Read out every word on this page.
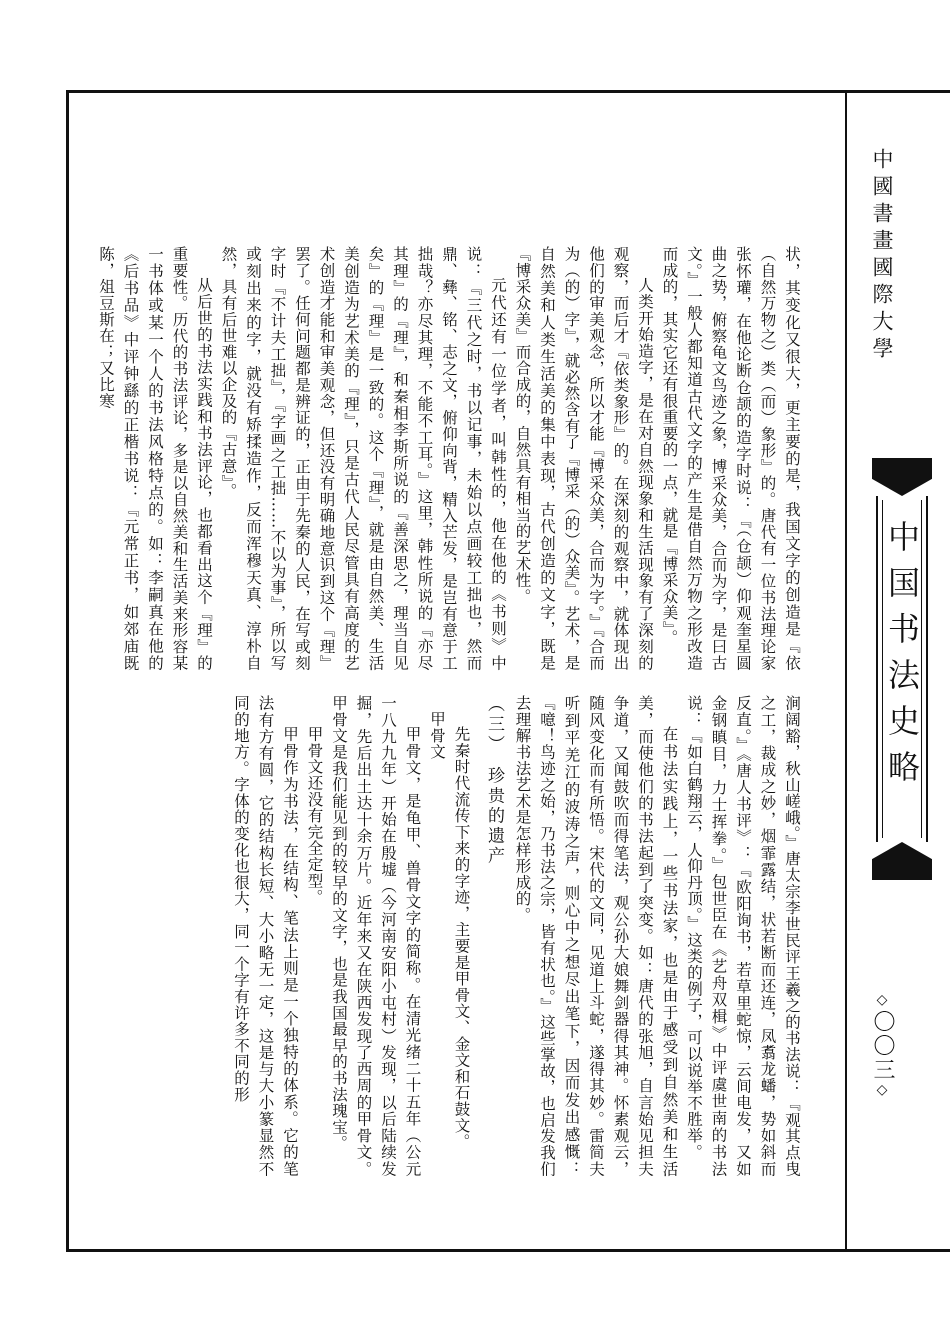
中國書畫國際大學
中国书法史略
◇〇〇三◇

状，其变化又很大，更主要的是，我国文字的创造是『依（自然万物之）类（而）象形』的。唐代有一位书法理论家张怀瓘，在他论断仓颉的造字时说：『（仓颉）仰观奎星圆曲之势，俯察龟文鸟迹之象，博采众美，合而为字，是曰古文。』一般人都知道古代文字的产生是借自然万物之形改造而成的，其实它还有很重要的一点，就是『博采众美』。

人类开始造字，是在对自然现象和生活现象有了深刻的观察，而后才『依类象形』的。在深刻的观察中，就体现出他们的审美观念，所以才能『博采众美，合而为字。』『合而为（的）字』，就必然含有了『博采（的）众美』。艺术，是自然美和人类生活美的集中表现，古代创造的文字，既是『博采众美』而合成的，自然具有相当的艺术性。

元代还有一位学者，叫韩性的，他在他的《书则》中说：『三代之时，书以记事，未始以点画较工拙也，然而鼎、彝、铭、志之文，俯仰向背，精入芒发，是岂有意于工拙哉？亦尽其理，不能不工耳。』这里，韩性所说的『亦尽其理』的『理』，和秦相李斯所说的『善深思之，理当自见矣』的『理』是一致的。这个『理』，就是由自然美、生活美创造为艺术美的『理』，只是古代人民尽管具有高度的艺术创造才能和审美观念，但还没有明确地意识到这个『理』罢了。任何问题都是辨证的，正由于先秦的人民，在写或刻字时『不计夫工拙』，『字画之工拙……不以为事』，所以写或刻出来的字，就没有矫揉造作，反而浑穆天真、淳朴自然，具有后世难以企及的『古意』。

从后世的书法实践和书法评论，也都看出这个『理』的重要性。历代的书法评论，多是以自然美和生活美来形容某一书体或某一个人的书法风格特点的。如：李嗣真在他的《后书品》中评钟繇的正楷书说：『元常正书，如郊庙既陈，俎豆斯在；又比寒

涧阔豁，秋山嵯峨。』唐太宗李世民评王羲之的书法说：『观其点曳之工，裁成之妙，烟霏露结，状若断而还连，凤翥龙蟠，势如斜而反直。』《唐人书评》：『欧阳询书，若草里蛇惊，云间电发，又如金钢瞋目，力士挥拳。』包世臣在《艺舟双楫》中评虞世南的书法说：『如白鹤翔云，人仰丹顶。』这类的例子，可以说举不胜举。

在书法实践上，一些书法家，也是由于感受到自然美和生活美，而使他们的书法起到了突变。如：唐代的张旭，自言始见担夫争道，又闻鼓吹而得笔法，观公孙大娘舞剑器得其神。怀素观云，随风变化而有所悟。宋代的文同，见道上斗蛇，遂得其妙。雷简夫听到平羌江的波涛之声，则心中之想尽出笔下，因而发出感慨：『噫！鸟迹之始，乃书法之宗，皆有状也。』这些掌故，也启发我们去理解书法艺术是怎样形成的。

（三）　珍贵的遗产

先秦时代流传下来的字迹，主要是甲骨文、金文和石鼓文。

甲骨文

甲骨文，是龟甲、兽骨文字的简称。在清光绪二十五年（公元一八九九年）开始在殷墟（今河南安阳小屯村）发现，以后陆续发掘，先后出土达十余万片。近年来又在陕西发现了西周的甲骨文。甲骨文是我们能见到的较早的文字，也是我国最早的书法瑰宝。

甲骨文还没有完全定型。

甲骨作为书法，在结构、笔法上则是一个独特的体系。它的笔法有方有圆，它的结构长短、大小略无一定，这是与大小篆显然不同的地方。字体的变化也很大，同一个字有许多不同的形
